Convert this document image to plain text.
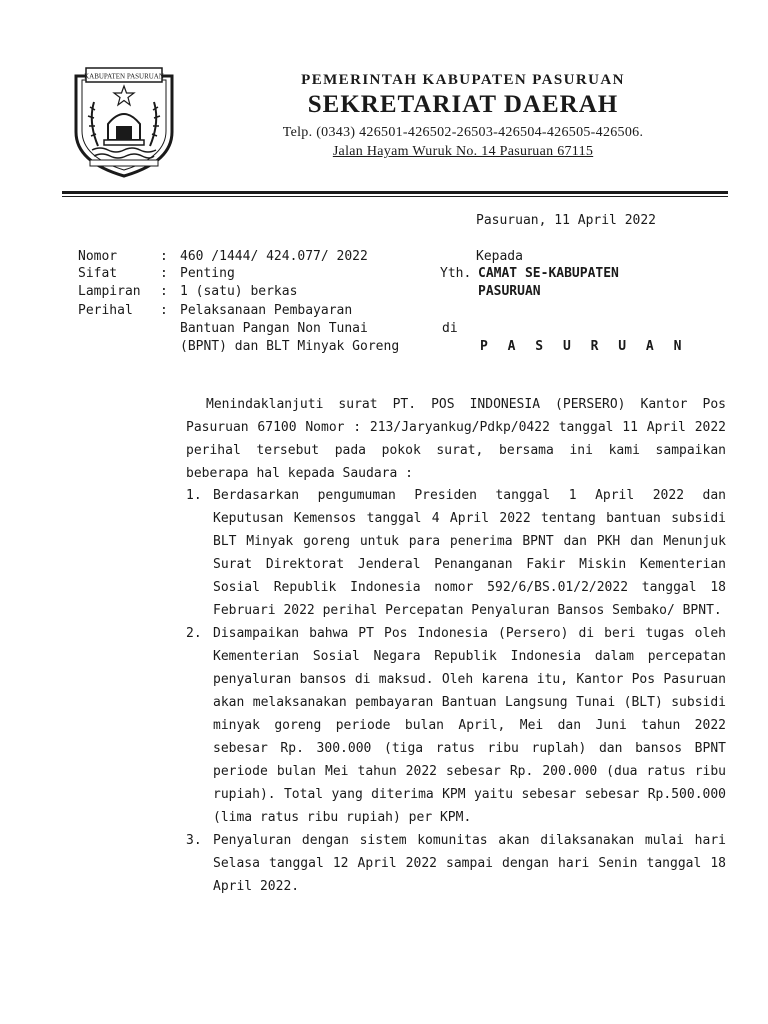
KABUPATEN PASURUAN	PEMERINTAH KABUPATEN PASURUAN
SEKRETARIAT DAERAH
Telp. (0343) 426501-426502-26503-426504-426505-426506.
Jalan Hayam Wuruk No. 14 Pasuruan 67115
Pasuruan, 11 April 2022
Nomor
Sifat
Lampiran
Perihal
:
:
:
:
460 /1444/ 424.077/ 2022
Penting
1 (satu) berkas
Pelaksanaan Pembayaran
Bantuan Pangan Non Tunai
(BPNT) dan BLT Minyak Goreng
Kepada
Yth. CAMAT SE-KABUPATEN
PASURUAN
di
P A S U R U A N
Menindaklanjuti surat PT. POS INDONESIA (PERSERO) Kantor Pos Pasuruan 67100 Nomor : 213/Jaryankug/Pdkp/0422 tanggal 11 April 2022 perihal tersebut pada pokok surat, bersama ini kami sampaikan beberapa hal kepada Saudara :
1. Berdasarkan pengumuman Presiden tanggal 1 April 2022 dan Keputusan Kemensos tanggal 4 April 2022 tentang bantuan subsidi BLT Minyak goreng untuk para penerima BPNT dan PKH dan Menunjuk Surat Direktorat Jenderal Penanganan Fakir Miskin Kementerian Sosial Republik Indonesia nomor 592/6/BS.01/2/2022 tanggal 18 Februari 2022 perihal Percepatan Penyaluran Bansos Sembako/ BPNT.
2. Disampaikan bahwa PT Pos Indonesia (Persero) di beri tugas oleh Kementerian Sosial Negara Republik Indonesia dalam percepatan penyaluran bansos di maksud. Oleh karena itu, Kantor Pos Pasuruan akan melaksanakan pembayaran Bantuan Langsung Tunai (BLT) subsidi minyak goreng periode bulan April, Mei dan Juni tahun 2022 sebesar Rp. 300.000 (tiga ratus ribu ruplah) dan bansos BPNT periode bulan Mei tahun 2022 sebesar Rp. 200.000 (dua ratus ribu rupiah). Total yang diterima KPM yaitu sebesar sebesar Rp.500.000 (lima ratus ribu rupiah) per KPM.
3. Penyaluran dengan sistem komunitas akan dilaksanakan mulai hari Selasa tanggal 12 April 2022 sampai dengan hari Senin tanggal 18 April 2022.
